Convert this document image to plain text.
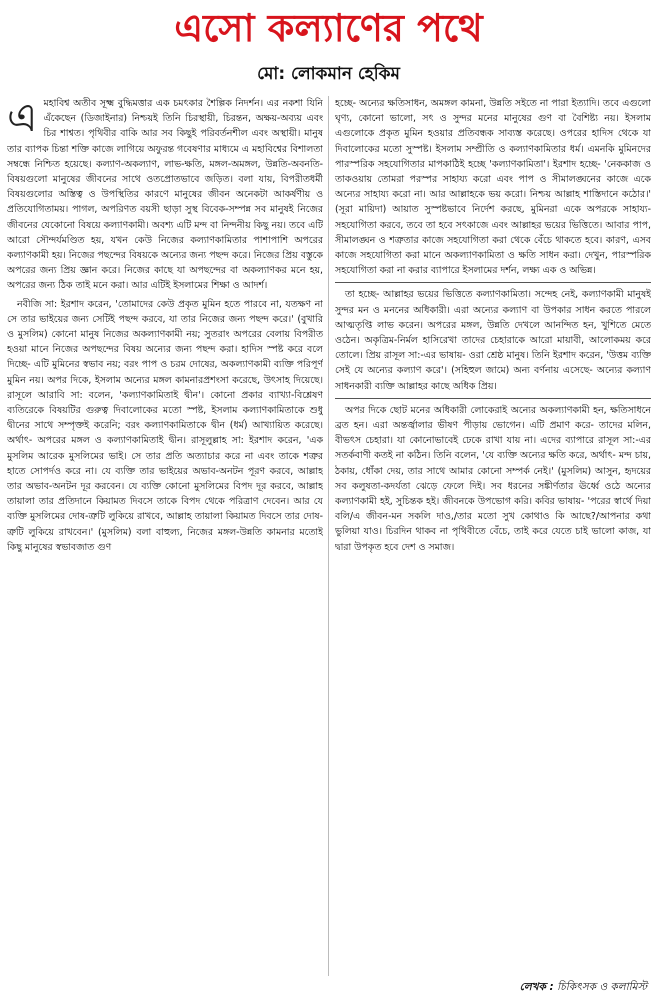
এসো কল্যাণের পথে
মো: লোকমান হেকিম
এ মহাবিশ্ব অতীব সূক্ষ্ম বুদ্ধিমত্তার এক চমৎকার শৈল্পিক নিদর্শন। এর নকশা যিনি এঁকেছেন (ডিজাইনার) নিশ্চয়ই তিনি চিরস্থায়ী, চিরন্তন, অক্ষয়-অব্যয় এবং চির শাশ্বত। পৃথিবীর বাকি আর সব কিছুই পরিবর্তনশীল এবং অস্থায়ী। মানুষ তার ব্যাপক চিন্তা শক্তি কাজে লাগিয়ে অফুরন্ত গবেষণার মাধ্যমে এ মহাবিশ্বের বিশালতা সম্বন্ধে নিশ্চিত হয়েছে। কল্যাণ-অকল্যাণ, লাভ-ক্ষতি, মঙ্গল-অমঙ্গল, উন্নতি-অবনতি- বিষয়গুলো মানুষের জীবনের সাথে ওতপ্রোতভাবে জড়িত। বলা যায়, বিপরীতধর্মী বিষয়গুলোর অস্তিত্ব ও উপস্থিতির কারণে মানুষের জীবন অনেকটা আকর্ষণীয় ও প্রতিযোগিতাময়। পাগল, অপরিণত বয়সী ছাড়া সুস্থ বিবেক-সম্পন্ন সব মানুষই নিজের জীবনের যেকোনো বিষয়ে কল্যাণকামী। অবশ্য এটি মন্দ বা নিন্দনীয় কিছু নয়। তবে এটি আরো সৌন্দর্যমণ্ডিত হয়, যখন কেউ নিজের কল্যাণকামিতার পাশাপাশি অপরের কল্যাণকামী হয়। নিজের পছন্দের বিষয়কে অন্যের জন্য পছন্দ করে। নিজের প্রিয় বস্তুকে অপরের জন্য প্রিয় জ্ঞান করে। নিজের কাছে যা অপছন্দের বা অকল্যাণকর মনে হয়, অপরের জন্য ঠিক তাই মনে করা। আর এটিই ইসলামের শিক্ষা ও আদর্শ।

নবীজি সা: ইরশাদ করেন, 'তোমাদের কেউ প্রকৃত মুমিন হতে পারবে না, যতক্ষণ না সে তার ভাইয়ের জন্য সেটিই পছন্দ করবে, যা তার নিজের জন্য পছন্দ করে।' (বুখারি ও মুসলিম) কোনো মানুষ নিজের অকল্যাণকামী নয়; সুতরাং অপরের বেলায় বিপরীত হওয়া মানে নিজের অপছন্দের বিষয় অন্যের জন্য পছন্দ করা। হাদিস স্পষ্ট করে বলে দিচ্ছে- এটি মুমিনের স্বভাব নয়; বরং পাপ ও চরম দোষের, অকল্যাণকামী ব্যক্তি পরিপূর্ণ মুমিন নয়। অপর দিকে, ইসলাম অন্যের মঙ্গল কামনারপ্রশংসা করেছে, উৎসাহ দিয়েছে। রাসূলে আরাবি সা: বলেন, 'কল্যাণকামিতাই দ্বীন'। কোনো প্রকার ব্যাখ্যা-বিশ্লেষণ ব্যতিরেকে বিষয়টির গুরুত্ব দিবালোকের মতো স্পষ্ট, ইসলাম কল্যাণকামিতাকে শুধু দ্বীনের সাথে সম্পৃক্তই করেনি; বরং কল্যাণকামিতাকে দ্বীন (ধর্ম) আখ্যায়িত করেছে। অর্থাৎ- অপরের মঙ্গল ও কল্যাণকামিতাই দ্বীন। রাসূলুল্লাহ সা: ইরশাদ করেন, 'এক মুসলিম আরেক মুসলিমের ভাই। সে তার প্রতি অত্যাচার করে না এবং তাকে শত্রুর হাতে সোপর্দও করে না। যে ব্যক্তি তার ভাইয়ের অভাব-অনটন পূরণ করবে, আল্লাহ তার অভাব-অনটন দূর করবেন। যে ব্যক্তি কোনো মুসলিমের বিপদ দূর করবে, আল্লাহ তায়ালা তার প্রতিদানে কিয়ামত দিবসে তাকে বিপদ থেকে পরিত্রাণ দেবেন। আর যে ব্যক্তি মুসলিমের দোষ-ত্রুটি লুকিয়ে রাখবে, আল্লাহ তায়ালা কিয়ামত দিবসে তার দোষ-ত্রুটি লুকিয়ে রাখবেন।' (মুসলিম) বলা বাহুল্য, নিজের মঙ্গল-উন্নতি কামনার মতোই কিছু মানুষের স্বভাবজাত গুণ

হচ্ছে- অন্যের ক্ষতিসাধন, অমঙ্গল কামনা, উন্নতি সইতে না পারা ইত্যাদি। তবে এগুলো ঘৃণ্য, কোনো ভালো, সৎ ও সুন্দর মনের মানুষের গুণ বা বৈশিষ্ট্য নয়। ইসলাম এগুলোকে প্রকৃত মুমিন হওয়ার প্রতিবন্ধক সাব্যস্ত করেছে। ওপরের হাদিস থেকে যা দিবালোকের মতো সুস্পষ্ট। ইসলাম সম্প্রীতি ও কল্যাণকামিতার ধর্ম। এমনকি মুমিনদের পারস্পরিক সহযোগিতার মাপকাঠিই হচ্ছে 'কল্যাণকামিতা'। ইরশাদ হচ্ছে- 'নেককাজ ও তাকওয়ায় তোমরা পরস্পর সাহায্য করো এবং পাপ ও সীমালঙ্ঘনের কাজে একে অন্যের সাহায্য করো না। আর আল্লাহকে ভয় করো। নিশ্চয় আল্লাহ শাস্তিদানে কঠোর।' (সূরা মায়িদা) আয়াত সুস্পষ্টভাবে নির্দেশ করছে, মুমিনরা একে অপরকে সাহায্য-সহযোগিতা করবে, তবে তা হবে সৎকাজে এবং আল্লাহর ভয়ের ভিত্তিতে। আবার পাপ, সীমালঙ্ঘন ও শত্রুতার কাজে সহযোগিতা করা থেকে বেঁচে থাকতে হবে। কারণ, এসব কাজে সহযোগিতা করা মানে অকল্যাণকামিতা ও ক্ষতি সাধন করা। দেখুন, পারস্পরিক সহযোগিতা করা না করার ব্যাপারে ইসলামের দর্শন, লক্ষ্য এক ও অভিন্ন।

তা হচ্ছে- আল্লাহর ভয়ের ভিত্তিতে কল্যাণকামিতা। সন্দেহ নেই, কল্যাণকামী মানুষই সুন্দর মন ও মননের অধিকারী। এরা অন্যের কল্যাণ বা উপকার সাধন করতে পারলে আত্মতৃপ্তি লাভ করেন। অপরের মঙ্গল, উন্নতি দেখলে আনন্দিত হন, খুশিতে মেতে ওঠেন। অকৃত্রিম-নির্মল হাসিরেখা তাদের চেহারাকে আরো মায়াবী, আলোকময় করে তোলে। প্রিয় রাসূল সা:-এর ভাষায়- ওরা শ্রেষ্ঠ মানুষ। তিনি ইরশাদ করেন, 'উত্তম ব্যক্তি সেই যে অন্যের কল্যাণ করে'। (সহিহুল জামে) অন্য বর্ণনায় এসেছে- অন্যের কল্যাণ সাধনকারী ব্যক্তি আল্লাহর কাছে অধিক প্রিয়।

অপর দিকে ছোট মনের অধিকারী লোকেরাই অন্যের অকল্যাণকামী হন, ক্ষতিসাধনে ব্রত হন। এরা অন্তর্জ্বালার ভীষণ পীড়ায় ভোগেন। এটি প্রমাণ করে- তাদের মলিন, বীভৎস চেহারা। যা কোনোভাবেই ঢেকে রাখা যায় না। এদের ব্যাপারে রাসূল সা:-এর সতর্কবাণী কতই না কঠিন। তিনি বলেন, 'যে ব্যক্তি অন্যের ক্ষতি করে, অর্থাৎ- মন্দ চায়, ঠকায়, ধোঁকা দেয়, তার সাথে আমার কোনো সম্পর্ক নেই।' (মুসলিম) আসুন, হৃদয়ের সব কলুষতা-কদর্যতা ঝেড়ে ফেলে দিই। সব ধরনের সঙ্কীর্ণতার ঊর্ধ্বে ওঠে অন্যের কল্যাণকামী হই, সুচিন্তক হই। জীবনকে উপভোগ করি। কবির ভাষায়- 'পরের স্বার্থে দিয়া বলি/এ জীবন-মন সকলি দাও,/তার মতো সুখ কোথাও কি আছে?/আপনার কথা ভুলিয়া যাও। চিরদিন থাকব না পৃথিবীতে বেঁচে, তাই করে যেতে চাই ভালো কাজ, যা দ্বারা উপকৃত হবে দেশ ও সমাজ।

লেখক : চিকিৎসক ও কলামিস্ট
